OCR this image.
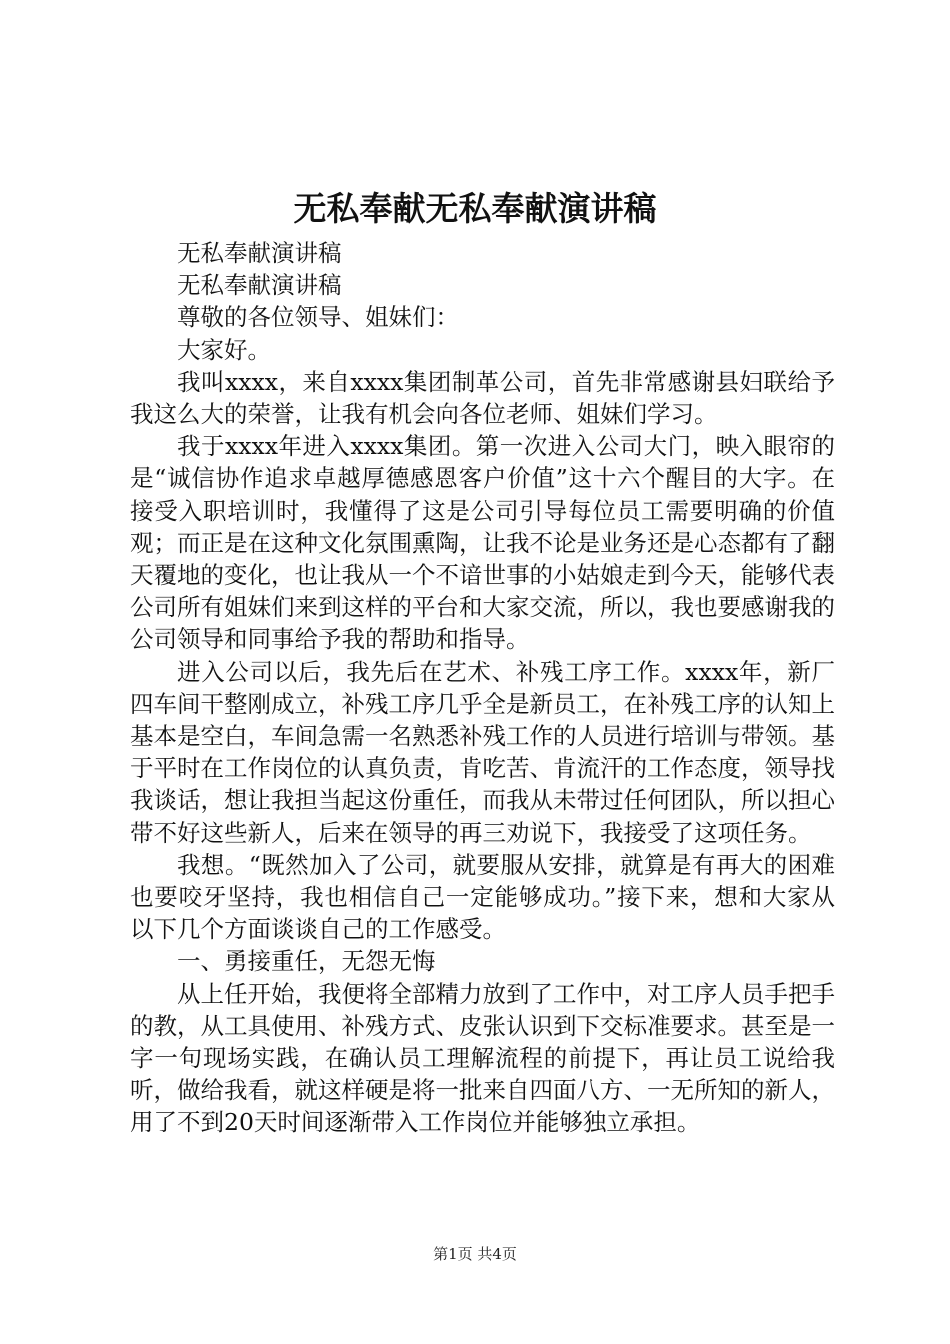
无私奉献无私奉献演讲稿

无私奉献演讲稿

无私奉献演讲稿

尊敬的各位领导、姐妹们：

大家好。

我叫xxxx，来自xxxx集团制革公司，首先非常感谢县妇联给予我这么大的荣誉，让我有机会向各位老师、姐妹们学习。

我于xxxx年进入xxxx集团。第一次进入公司大门，映入眼帘的是“诚信协作追求卓越厚德感恩客户价值”这十六个醒目的大字。在接受入职培训时，我懂得了这是公司引导每位员工需要明确的价值观；而正是在这种文化氛围熏陶，让我不论是业务还是心态都有了翻天覆地的变化，也让我从一个不谙世事的小姑娘走到今天，能够代表公司所有姐妹们来到这样的平台和大家交流，所以，我也要感谢我的公司领导和同事给予我的帮助和指导。

进入公司以后，我先后在艺术、补残工序工作。xxxx年，新厂四车间干整刚成立，补残工序几乎全是新员工，在补残工序的认知上基本是空白，车间急需一名熟悉补残工作的人员进行培训与带领。基于平时在工作岗位的认真负责，肯吃苦、肯流汗的工作态度，领导找我谈话，想让我担当起这份重任，而我从未带过任何团队，所以担心带不好这些新人，后来在领导的再三劝说下，我接受了这项任务。

我想。“既然加入了公司，就要服从安排，就算是有再大的困难也要咬牙坚持，我也相信自己一定能够成功。”接下来，想和大家从以下几个方面谈谈自己的工作感受。

一、勇接重任，无怨无悔

从上任开始，我便将全部精力放到了工作中，对工序人员手把手的教，从工具使用、补残方式、皮张认识到下交标准要求。甚至是一字一句现场实践，在确认员工理解流程的前提下，再让员工说给我听，做给我看，就这样硬是将一批来自四面八方、一无所知的新人，用了不到20天时间逐渐带入工作岗位并能够独立承担。

第1页 共4页
